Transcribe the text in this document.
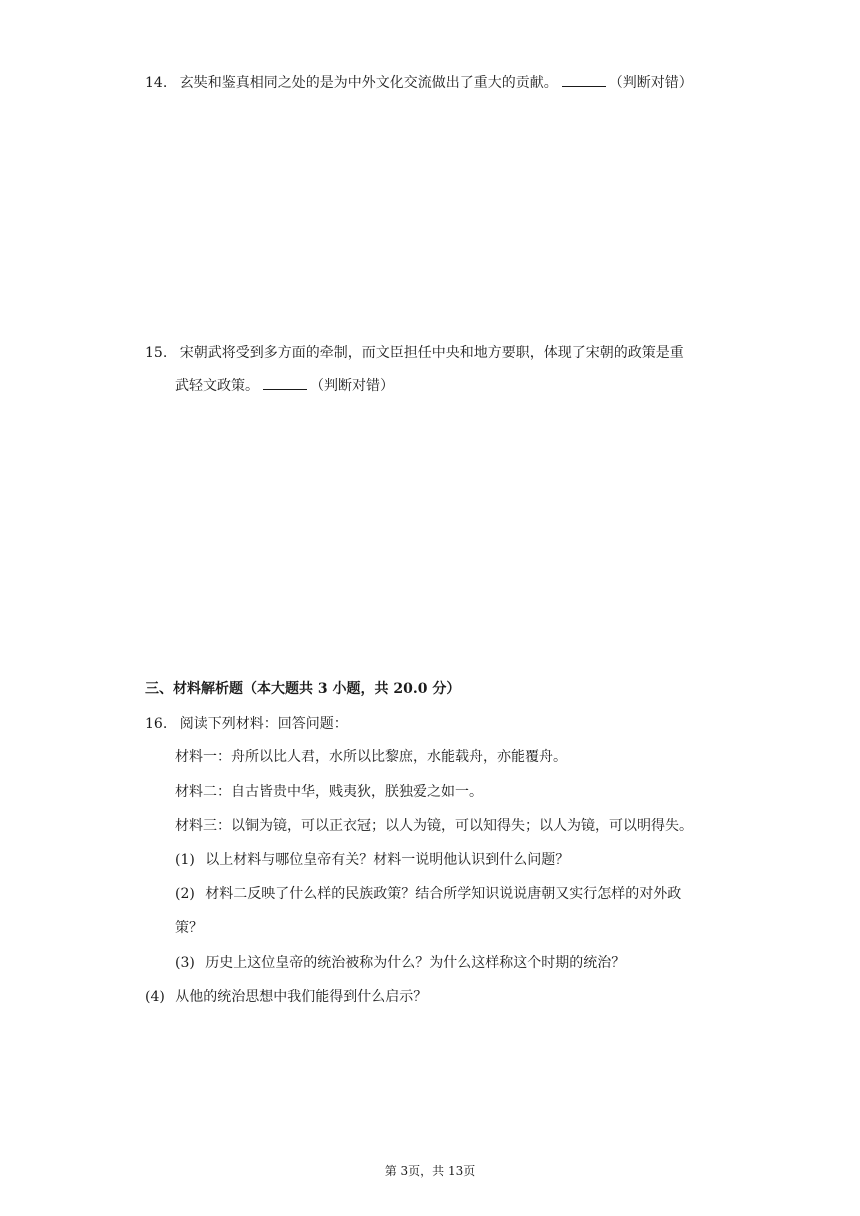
14. 玄奘和鉴真相同之处的是为中外文化交流做出了重大的贡献。	（判断对错）
15. 宋朝武将受到多方面的牵制，而文臣担任中央和地方要职，体现了宋朝的政策是重
武轻文政策。	（判断对错）
三、材料解析题（本大题共 3 小题，共 20.0 分）
16. 阅读下列材料：回答问题：
材料一：舟所以比人君，水所以比黎庶，水能载舟，亦能覆舟。
材料二：自古皆贵中华，贱夷狄，朕独爱之如一。
材料三：以铜为镜，可以正衣冠；以人为镜，可以知得失；以人为镜，可以明得失。
(1) 以上材料与哪位皇帝有关？材料一说明他认识到什么问题？
(2) 材料二反映了什么样的民族政策？结合所学知识说说唐朝又实行怎样的对外政
策？
(3) 历史上这位皇帝的统治被称为什么？为什么这样称这个时期的统治？
(4) 从他的统治思想中我们能得到什么启示？
第 3页，共 13页
